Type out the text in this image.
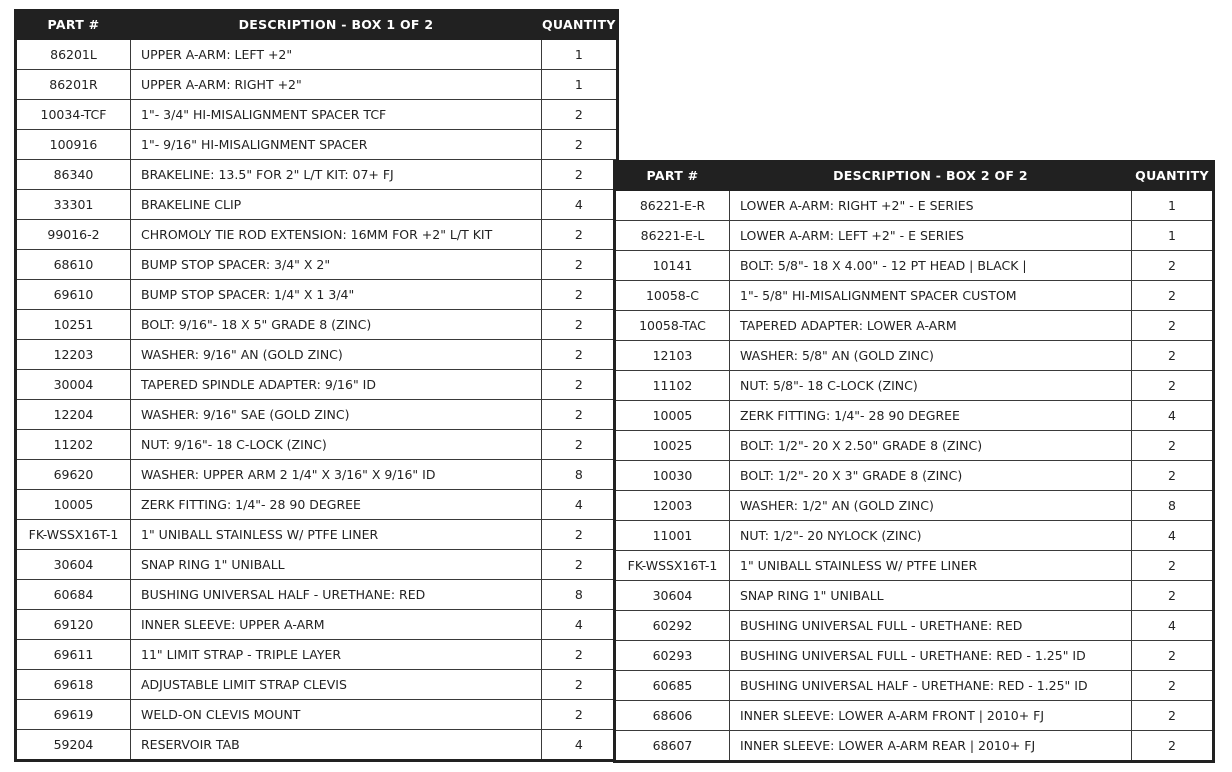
PART #	DESCRIPTION - BOX 1 OF 2	QUANTITY
86201L	UPPER A-ARM: LEFT +2"	1
86201R	UPPER A-ARM: RIGHT +2"	1
10034-TCF	1"- 3/4" HI-MISALIGNMENT SPACER TCF	2
100916	1"- 9/16" HI-MISALIGNMENT SPACER	2
86340	BRAKELINE: 13.5" FOR 2" L/T KIT: 07+ FJ	2
33301	BRAKELINE CLIP	4
99016-2	CHROMOLY TIE ROD EXTENSION: 16MM FOR +2" L/T KIT	2
68610	BUMP STOP SPACER: 3/4" X 2"	2
69610	BUMP STOP SPACER: 1/4" X 1 3/4"	2
10251	BOLT: 9/16"- 18 X 5" GRADE 8 (ZINC)	2
12203	WASHER: 9/16" AN (GOLD ZINC)	2
30004	TAPERED SPINDLE ADAPTER: 9/16" ID	2
12204	WASHER: 9/16" SAE (GOLD ZINC)	2
11202	NUT: 9/16"- 18 C-LOCK (ZINC)	2
69620	WASHER: UPPER ARM 2 1/4" X 3/16" X 9/16" ID	8
10005	ZERK FITTING: 1/4"- 28 90 DEGREE	4
FK-WSSX16T-1	1" UNIBALL STAINLESS W/ PTFE LINER	2
30604	SNAP RING 1" UNIBALL	2
60684	BUSHING UNIVERSAL HALF - URETHANE: RED	8
69120	INNER SLEEVE: UPPER A-ARM	4
69611	11" LIMIT STRAP - TRIPLE LAYER	2
69618	ADJUSTABLE LIMIT STRAP CLEVIS	2
69619	WELD-ON CLEVIS MOUNT	2
59204	RESERVOIR TAB	4
PART #	DESCRIPTION - BOX 2 OF 2	QUANTITY
86221-E-R	LOWER A-ARM: RIGHT +2" - E SERIES	1
86221-E-L	LOWER A-ARM: LEFT +2" - E SERIES	1
10141	BOLT: 5/8"- 18 X 4.00" - 12 PT HEAD | BLACK |	2
10058-C	1"- 5/8" HI-MISALIGNMENT SPACER CUSTOM	2
10058-TAC	TAPERED ADAPTER: LOWER A-ARM	2
12103	WASHER: 5/8" AN (GOLD ZINC)	2
11102	NUT: 5/8"- 18 C-LOCK (ZINC)	2
10005	ZERK FITTING: 1/4"- 28 90 DEGREE	4
10025	BOLT: 1/2"- 20 X 2.50" GRADE 8 (ZINC)	2
10030	BOLT: 1/2"- 20 X 3" GRADE 8 (ZINC)	2
12003	WASHER: 1/2" AN (GOLD ZINC)	8
11001	NUT: 1/2"- 20 NYLOCK (ZINC)	4
FK-WSSX16T-1	1" UNIBALL STAINLESS W/ PTFE LINER	2
30604	SNAP RING 1" UNIBALL	2
60292	BUSHING UNIVERSAL FULL - URETHANE: RED	4
60293	BUSHING UNIVERSAL FULL - URETHANE: RED - 1.25" ID	2
60685	BUSHING UNIVERSAL HALF - URETHANE: RED - 1.25" ID	2
68606	INNER SLEEVE: LOWER A-ARM FRONT | 2010+ FJ	2
68607	INNER SLEEVE: LOWER A-ARM REAR | 2010+ FJ	2
